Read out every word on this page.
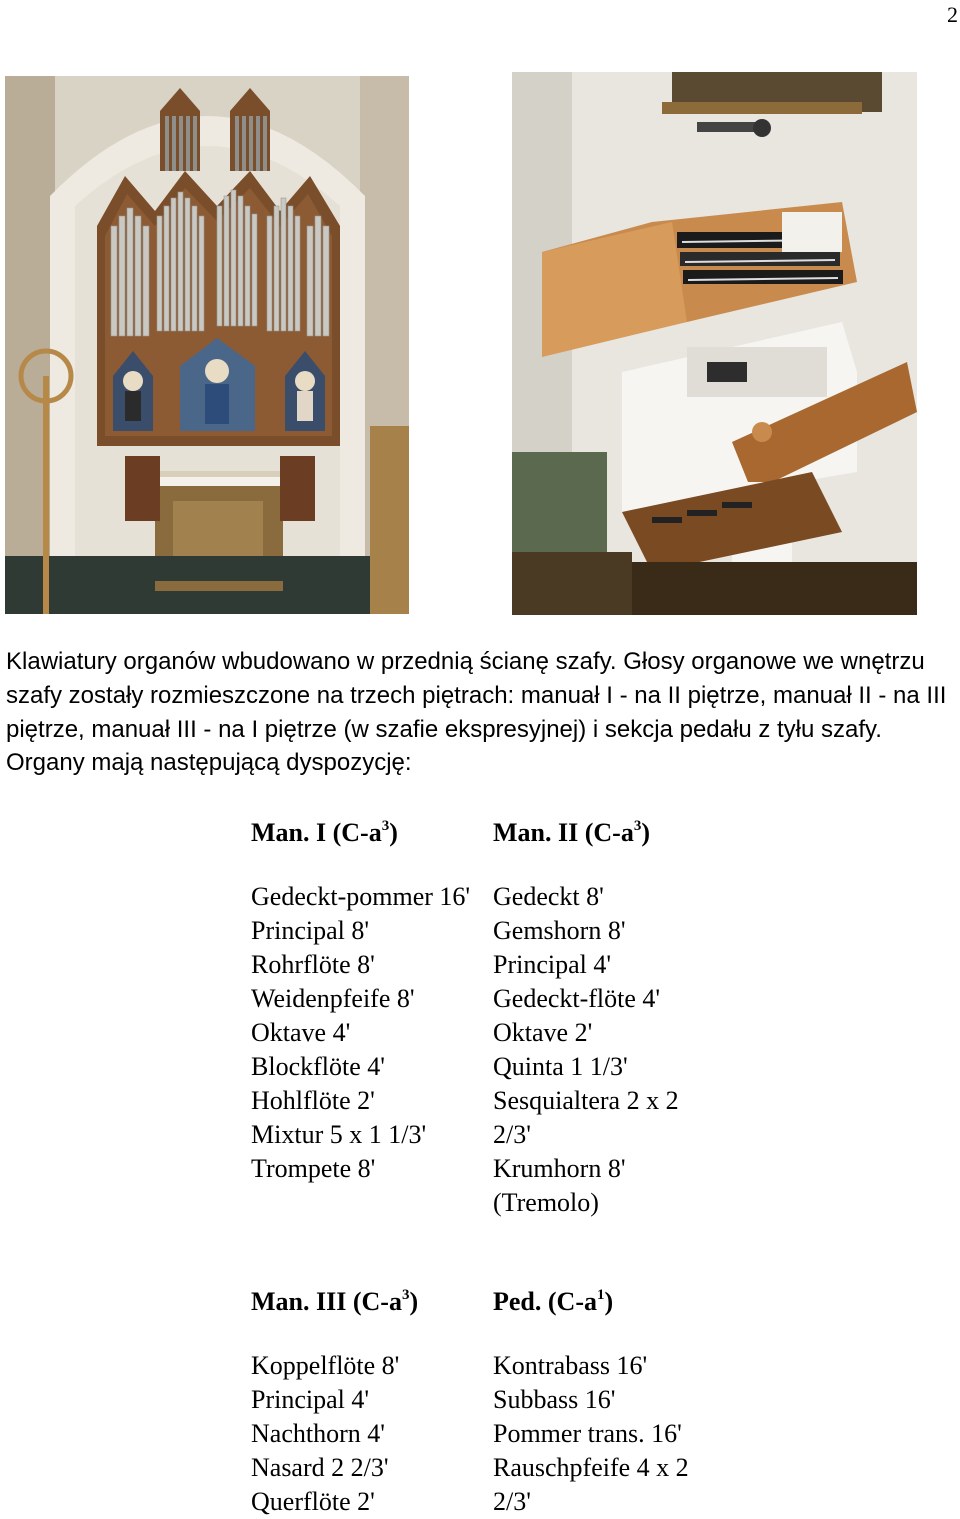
2
Klawiatury organów wbudowano w przednią ścianę szafy. Głosy organowe we wnętrzu szafy zostały rozmieszczone na trzech piętrach: manuał I - na II piętrze, manuał II - na III piętrze, manuał III - na I piętrze (w szafie ekspresyjnej) i sekcja pedału z tyłu szafy. Organy mają następującą dyspozycję:
Man. I $(C-a^3)$
Gedeckt-pommer 16'
Principal 8'
Rohrflöte 8'
Weidenpfeife 8'
Oktave 4'
Blockflöte 4'
Hohlflöte 2'
Mixtur 5 x 1 1/3'
Trompete 8'
Man. II $(C-a^3)$
Gedeckt 8'
Gemshorn 8'
Principal 4'
Gedeckt-flöte 4'
Oktave 2'
Quinta 1 1/3'
Sesquialtera 2 x 2 2/3'
Krumhorn 8'
(Tremolo)
Man. III $(C-a^3)$
Koppelflöte 8'
Principal 4'
Nachthorn 4'
Nasard 2 2/3'
Querflöte 2'
Ped. $(C-a^1)$
Kontrabass 16'
Subbass 16'
Pommer trans. 16'
Rauschpfeife 4 x 2 2/3'
